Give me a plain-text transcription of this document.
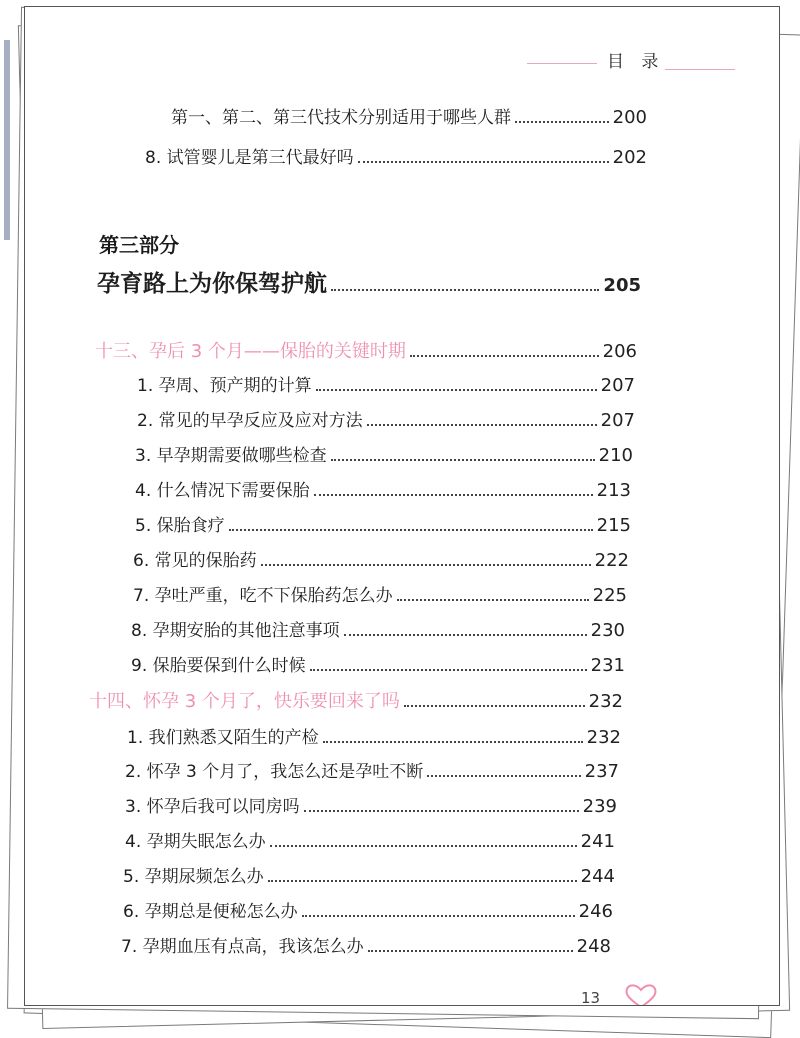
目 录
第一、第二、第三代技术分别适用于哪些人群	200
8. 试管婴儿是第三代最好吗	202
第三部分
孕育路上为你保驾护航	205
十三、孕后 3 个月——保胎的关键时期	206
1. 孕周、预产期的计算	207
2. 常见的早孕反应及应对方法	207
3. 早孕期需要做哪些检查	210
4. 什么情况下需要保胎	213
5. 保胎食疗	215
6. 常见的保胎药	222
7. 孕吐严重，吃不下保胎药怎么办	225
8. 孕期安胎的其他注意事项	230
9. 保胎要保到什么时候	231
十四、怀孕 3 个月了，快乐要回来了吗	232
1. 我们熟悉又陌生的产检	232
2. 怀孕 3 个月了，我怎么还是孕吐不断	237
3. 怀孕后我可以同房吗	239
4. 孕期失眠怎么办	241
5. 孕期尿频怎么办	244
6. 孕期总是便秘怎么办	246
7. 孕期血压有点高，我该怎么办	248
13
